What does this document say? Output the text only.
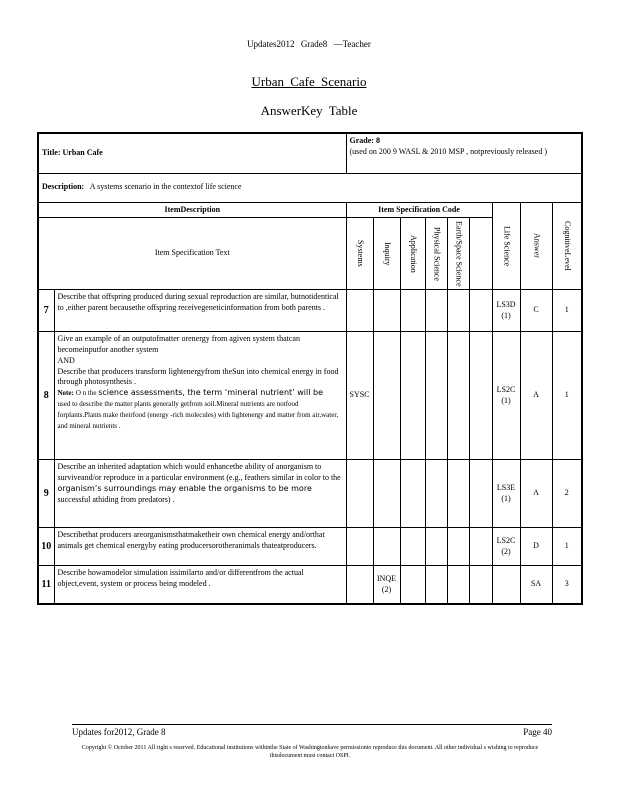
Updates2012 Grade8 —Teacher
Urban Cafe Scenario
AnswerKey Table
Title: Urban Cafe		Grade: 8
(used on 200 9 WASL & 2010 MSP , notpreviously released )								
Description: A systems scenario in the contextof life science										
ItemDescription		Item Specification Code						Life Science	Answer	CognitiveLevel

Item Specification Text		Systems	Inquiry	Application	Physical Science	Earth/Space Science				

7	Describe that offspring produced during sexual reproduction are similar, butnotidentical to ,either parent becausethe offspring receivegeneticinformation from both parents .							LS3D
(1)	C	1
8	Give an example of an outputofmatter orenergy from agiven system thatcan becomeinputfor another system
AND
Describe that producers transform lightenergyfrom theSun into chemical energy in food through photosynthesis .
Note: O n the science assessments, the term ‘mineral nutrient’ will be
used to describe the matter plants generally getfrom soil.Mineral nutrients are notfood forplants.Plants make theirfood (energy -rich molecules) with lightenergy and matter from air,water, and mineral nutrients .	SYSC						LS2C
(1)	A	1
9	Describe an inherited adaptation which would enhancethe ability of anorganism to surviveand/or reproduce in a particular environment (e.g., feathers similar in color to the
organism’s surroundings may enable the organisms to be more
successful athiding from predators) .							LS3E
(1)	A	2
10	Describethat producers areorganismsthatmaketheir own chemical energy and/orthat animals get chemical energyby eating producersorotheranimals thateatproducers.							LS2C
(2)	D	1
11	Describe howamodelor simulation issimilarto and/or differentfrom the actual object,event, system or process being modeled .		INQE
(2)						SA	3
Updates for2012, Grade 8	Page 40
Copyright © October 2011 All right s reserved. Educational institutions withinthe State of Washingtonhave permissionto reproduce this document. All other individual s wishing to reproduce thisdocument must contact OSPI.
